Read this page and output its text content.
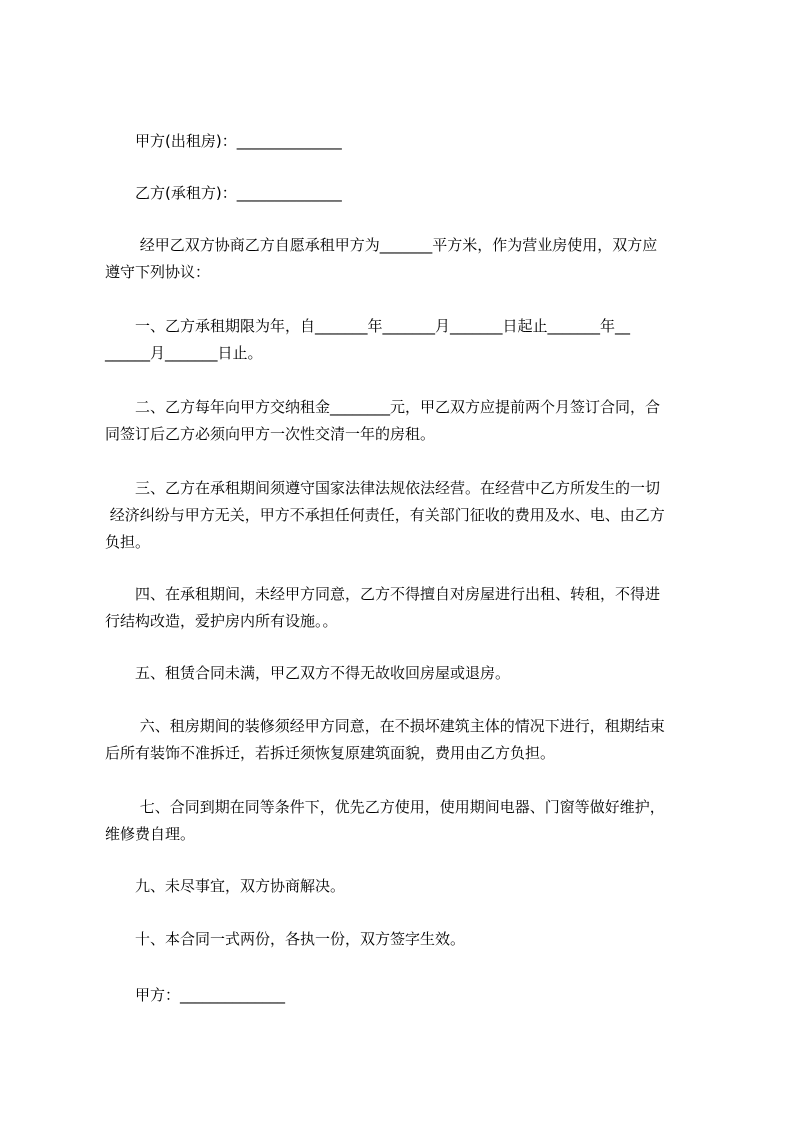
　　甲方(出租房)：______________
　　乙方(承租方)：______________
　　 经甲乙双方协商乙方自愿承租甲方为_______平方米，作为营业房使用，双方应
遵守下列协议：
　　一、乙方承租期限为年，自_______年_______月_______日起止_______年__
______月_______日止。
　　二、乙方每年向甲方交纳租金________元，甲乙双方应提前两个月签订合同，合
同签订后乙方必须向甲方一次性交清一年的房租。
　　三、乙方在承租期间须遵守国家法律法规依法经营。在经营中乙方所发生的一切
经济纠纷与甲方无关，甲方不承担任何责任，有关部门征收的费用及水、电、由乙方
负担。
　　四、在承租期间，未经甲方同意，乙方不得擅自对房屋进行出租、转租，不得进
行结构改造，爱护房内所有设施。。
　　五、租赁合同未满，甲乙双方不得无故收回房屋或退房。
　　 六、租房期间的装修须经甲方同意，在不损坏建筑主体的情况下进行，租期结束
后所有装饰不准拆迁，若拆迁须恢复原建筑面貌，费用由乙方负担。
　　 七、合同到期在同等条件下，优先乙方使用，使用期间电器、门窗等做好维护，
维修费自理。
　　九、未尽事宜，双方协商解决。
　　十、本合同一式两份，各执一份，双方签字生效。
　　甲方：______________
